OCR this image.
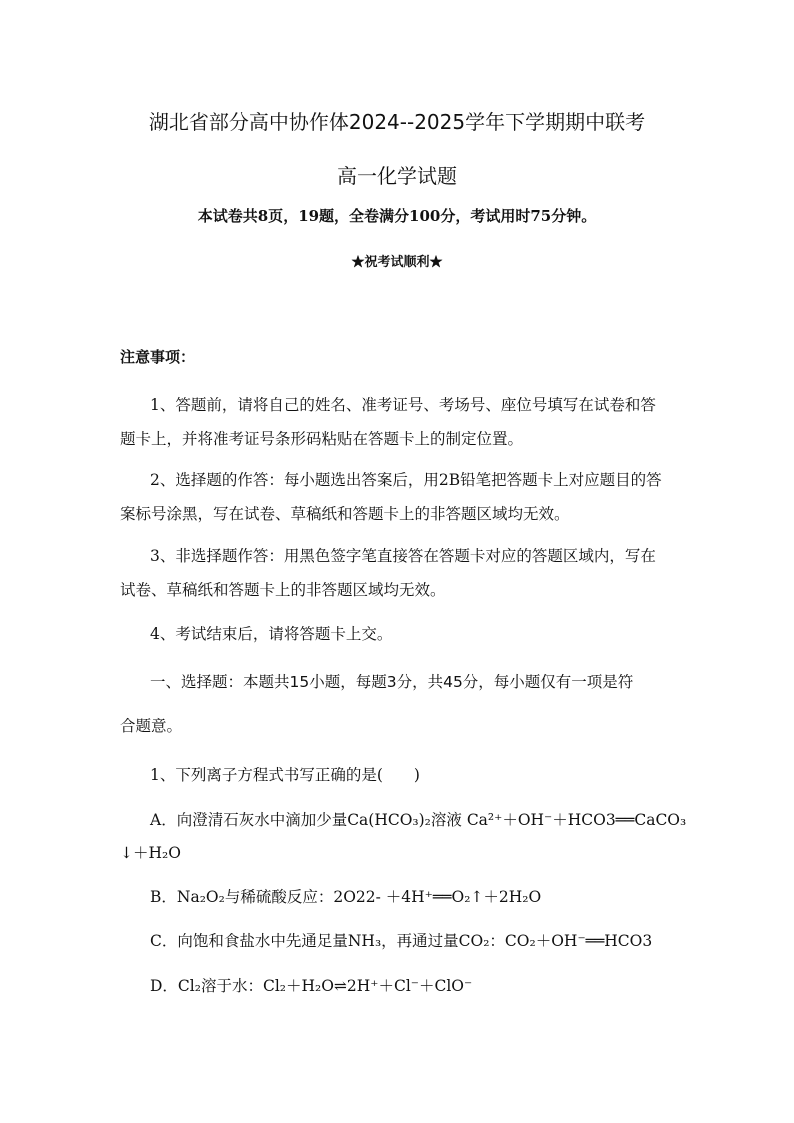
湖北省部分高中协作体2024--2025学年下学期期中联考
高一化学试题
本试卷共8页，19题，全卷满分100分，考试用时75分钟。
★祝考试顺利★
注意事项：
1、答题前，请将自己的姓名、准考证号、考场号、座位号填写在试卷和答
题卡上，并将准考证号条形码粘贴在答题卡上的制定位置。
2、选择题的作答：每小题选出答案后，用2B铅笔把答题卡上对应题目的答
案标号涂黑，写在试卷、草稿纸和答题卡上的非答题区域均无效。
3、非选择题作答：用黑色签字笔直接答在答题卡对应的答题区域内，写在
试卷、草稿纸和答题卡上的非答题区域均无效。
4、考试结束后，请将答题卡上交。
一、选择题：本题共15小题，每题3分，共45分，每小题仅有一项是符
合题意。
1、下列离子方程式书写正确的是(　　)
A．向澄清石灰水中滴加少量Ca(HCO₃)₂溶液 Ca²⁺＋OH⁻＋HCO3══CaCO₃
↓＋H₂O
B．Na₂O₂与稀硫酸反应：2O22- ＋4H⁺══O₂↑＋2H₂O
C．向饱和食盐水中先通足量NH₃，再通过量CO₂：CO₂＋OH⁻══HCO3
D．Cl₂溶于水：Cl₂＋H₂O⇌2H⁺＋Cl⁻＋ClO⁻
